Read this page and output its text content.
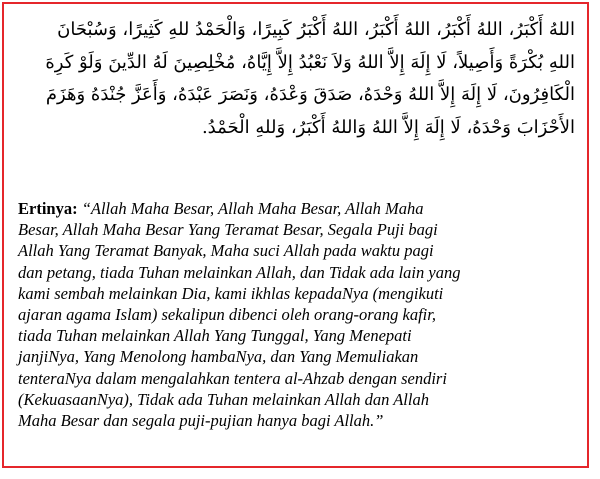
اللهُ أَكْبَرُ، اللهُ أَكْبَرُ، اللهُ أَكْبَرُ، اللهُ أَكْبَرُ كَبِيرًا، وَالْحَمْدُ للهِ كَثِيرًا، وَسُبْحَانَ
اللهِ بُكْرَةً وَأَصِيلاً، لَا إِلَهَ إِلاَّ اللهُ وَلاَ نَعْبُدُ إِلاَّ إِيَّاهُ، مُخْلِصِينَ لَهُ الدِّينَ وَلَوْ كَرِهَ
الْكَافِرُونَ، لَا إِلَهَ إِلاَّ اللهُ وَحْدَهُ، صَدَقَ وَعْدَهُ، وَنَصَرَ عَبْدَهُ، وَأَعَزَّ جُنْدَهُ وَهَزَمَ
الأَحْزَابَ وَحْدَهُ، لَا إِلَهَ إِلاَّ اللهُ وَاللهُ أَكْبَرُ، وَللهِ الْحَمْدُ.
Ertinya: “Allah Maha Besar, Allah Maha Besar, Allah Maha
Besar, Allah Maha Besar Yang Teramat Besar, Segala Puji bagi
Allah Yang Teramat Banyak, Maha suci Allah pada waktu pagi
dan petang, tiada Tuhan melainkan Allah, dan Tidak ada lain yang
kami sembah melainkan Dia, kami ikhlas kepadaNya (mengikuti
ajaran agama Islam) sekalipun dibenci oleh orang-orang kafir,
tiada Tuhan melainkan Allah Yang Tunggal, Yang Menepati
janjiNya, Yang Menolong hambaNya, dan Yang Memuliakan
tenteraNya dalam mengalahkan tentera al-Ahzab dengan sendiri
(KekuasaanNya), Tidak ada Tuhan melainkan Allah dan Allah
Maha Besar dan segala puji-pujian hanya bagi Allah.”
